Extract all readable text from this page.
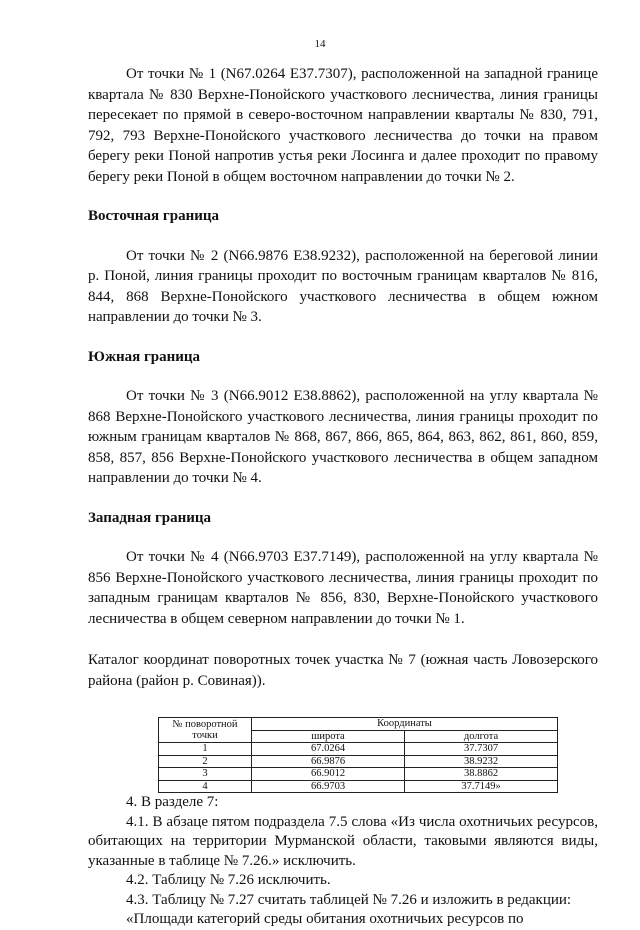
14

От точки № 1 (N67.0264 E37.7307), расположенной на западной границе квартала № 830 Верхне-Понойского участкового лесничества, линия границы пересекает по прямой в северо-восточном направлении кварталы № 830, 791, 792, 793 Верхне-Понойского участкового лесничества до точки на правом берегу реки Поной напротив устья реки Лосинга и далее проходит по правому берегу реки Поной в общем восточном направлении до точки № 2.

Восточная граница

От точки № 2 (N66.9876 E38.9232), расположенной на береговой линии р. Поной, линия границы проходит по восточным границам кварталов № 816, 844, 868 Верхне-Понойского участкового лесничества в общем южном направлении до точки № 3.

Южная граница

От точки № 3 (N66.9012 E38.8862), расположенной на углу квартала № 868 Верхне-Понойского участкового лесничества, линия границы проходит по южным границам кварталов № 868, 867, 866, 865, 864, 863, 862, 861, 860, 859, 858, 857, 856 Верхне-Понойского участкового лесничества в общем западном направлении до точки № 4.

Западная граница

От точки № 4 (N66.9703 E37.7149), расположенной на углу квартала № 856 Верхне-Понойского участкового лесничества, линия границы проходит по западным границам кварталов № 856, 830, Верхне-Понойского участкового лесничества в общем северном направлении до точки № 1.

Каталог координат поворотных точек участка № 7 (южная часть Ловозерского района (район р. Совиная)).

№ поворотной точки	Координаты	
	широта	долгота
1	67.0264	37.7307
2	66.9876	38.9232
3	66.9012	38.8862
4	66.9703	37.7149»

4. В разделе 7:

4.1. В абзаце пятом подраздела 7.5 слова «Из числа охотничьих ресурсов, обитающих на территории Мурманской области, таковыми являются виды, указанные в таблице № 7.26.» исключить.

4.2. Таблицу № 7.26 исключить.

4.3. Таблицу № 7.27 считать таблицей № 7.26 и изложить в редакции:

«Площади категорий среды обитания охотничьих ресурсов по
